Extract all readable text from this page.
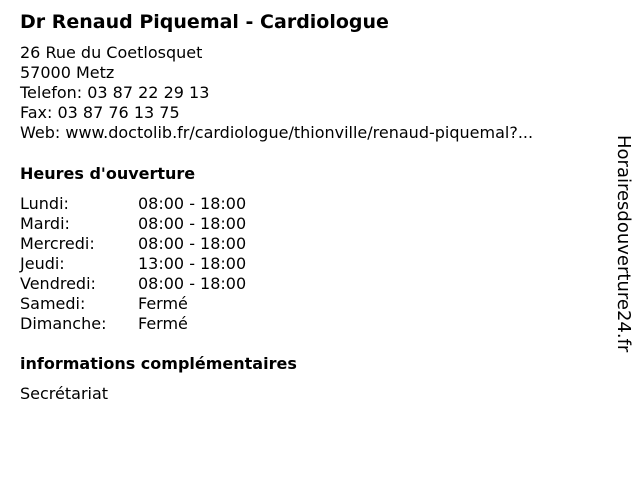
Dr Renaud Piquemal - Cardiologue
26 Rue du Coetlosquet
57000 Metz
Telefon: 03 87 22 29 13
Fax: 03 87 76 13 75
Web: www.doctolib.fr/cardiologue/thionville/renaud-piquemal?...
Heures d'ouverture
Lundi:	08:00 - 18:00
Mardi:	08:00 - 18:00
Mercredi:	08:00 - 18:00
Jeudi:	13:00 - 18:00
Vendredi:	08:00 - 18:00
Samedi:	Fermé
Dimanche: Fermé
informations complémentaires
Secrétariat
Horairesdouverture24.fr
